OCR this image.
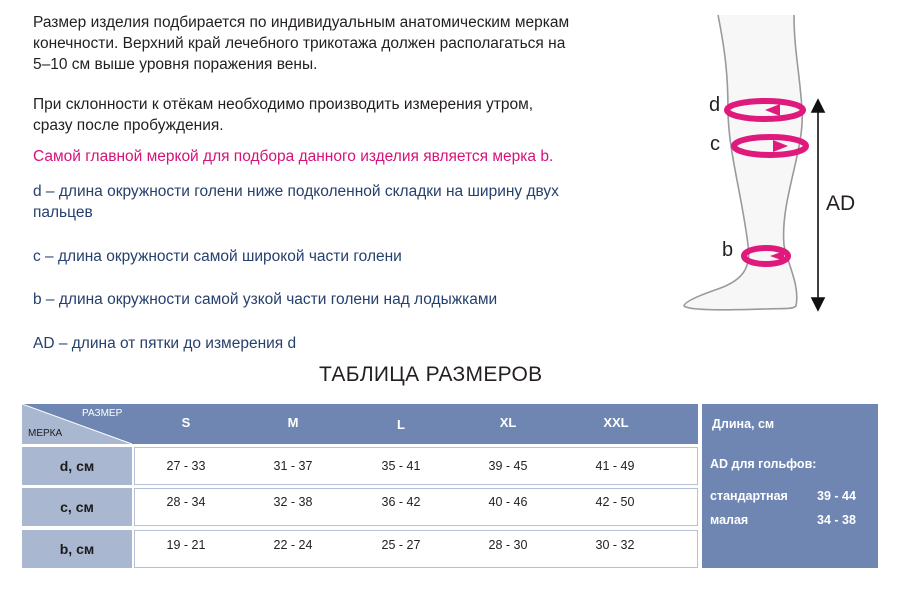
Размер изделия подбирается по индивидуальным анатомическим меркам
конечности. Верхний край лечебного трикотажа должен располагаться на
5–10 см выше уровня поражения вены.
При склонности к отёкам необходимо производить измерения утром,
сразу после пробуждения.
Самой главной меркой для подбора данного изделия является мерка b.
d – длина окружности голени ниже подколенной складки на ширину двух
пальцев
c – длина окружности самой широкой части голени
b – длина окружности самой узкой части голени над лодыжками
AD – длина от пятки до измерения d
d
c
b
AD
ТАБЛИЦА РАЗМЕРОВ
РАЗМЕР
МЕРКА
S	M	L	XL	XXL
d, см	27 - 33	31 - 37	35 - 41	39 - 45	41 - 49
c, см	28 - 34	32 - 38	36 - 42	40 - 46	42 - 50
b, см	19 - 21	22 - 24	25 - 27	28 - 30	30 - 32
Длина, см
AD для гольфов:
стандартная 39 - 44
малая	34 - 38
